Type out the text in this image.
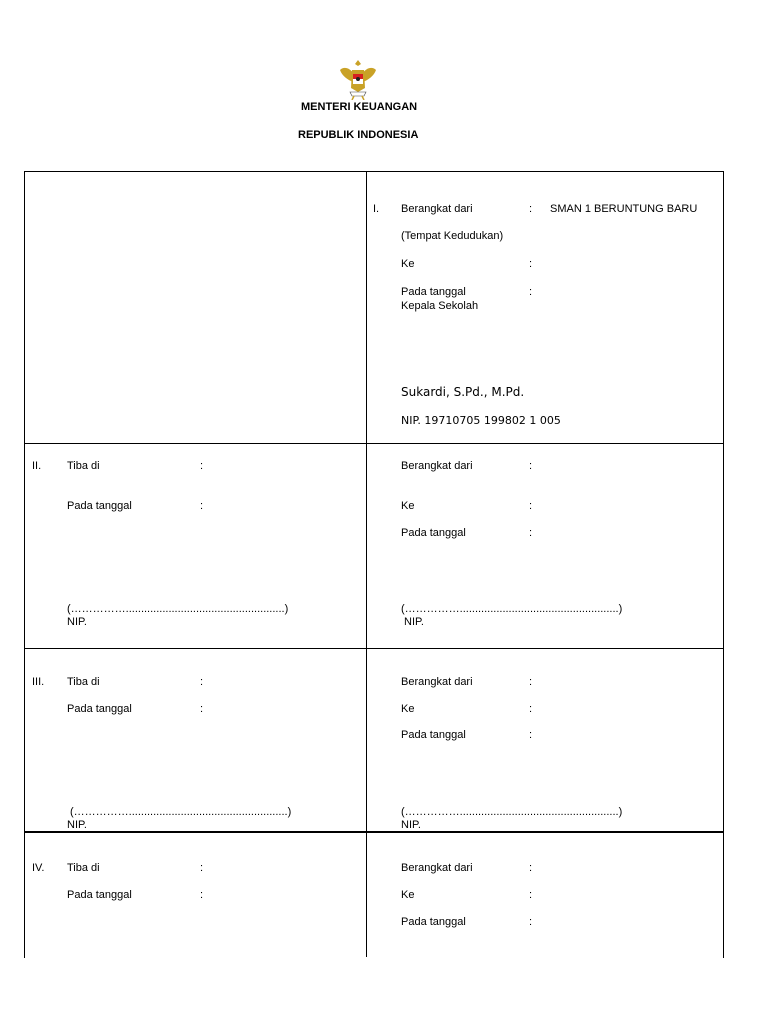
MENTERI KEUANGAN
REPUBLIK INDONESIA
I. Berangkat dari	: SMAN 1 BERUNTUNG BARU
(Tempat Kedudukan)
Ke	:
Pada tanggal	:
Kepala Sekolah
Sukardi, S.Pd., M.Pd.
NIP. 19710705 199802 1 005
II. Tiba di	:
Pada tanggal	:
(……………....................................................)
NIP.
Berangkat dari	:
Ke	:
Pada tanggal	:
(……………....................................................)
NIP.
III. Tiba di	:
Pada tanggal	:
(……………....................................................)
NIP.
Berangkat dari	:
Ke	:
Pada tanggal	:
(……………....................................................)
NIP.
IV. Tiba di	:
Pada tanggal	:
Berangkat dari	:
Ke	:
Pada tanggal	:
